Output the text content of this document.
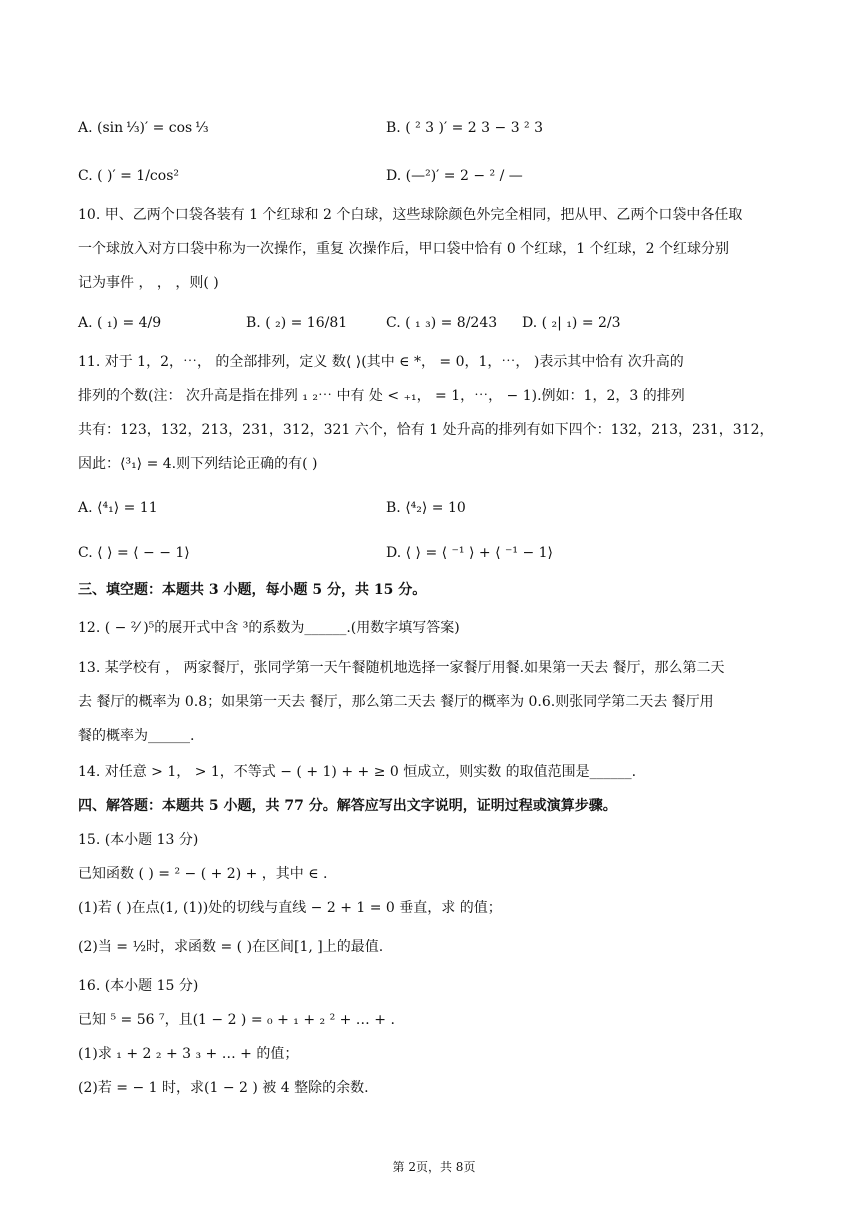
A. (sin ⅓)′ = cos ⅓	B. ( ² 3 )′ = 2 3 − 3 ² 3
C. ( )′ = 1/cos²	D. (—²)′ = 2 − ² / —
10. 甲、乙两个口袋各装有 1 个红球和 2 个白球，这些球除颜色外完全相同，把从甲、乙两个口袋中各任取
一个球放入对方口袋中称为一次操作，重复 次操作后，甲口袋中恰有 0 个红球，1 个红球，2 个红球分别
记为事件 ， ， ，则( )
A. ( ₁) = 4/9	B. ( ₂) = 16/81	C. ( ₁ ₃) = 8/243 D. ( ₂| ₁) = 2/3
11. 对于 1，2，⋯， 的全部排列，定义 数⟨ ⟩(其中 ∈ *， = 0，1，⋯， )表示其中恰有 次升高的
排列的个数(注： 次升高是指在排列 ₁ ₂⋯ 中有 处 < ₊₁， = 1，⋯， − 1).例如：1，2，3 的排列
共有：123，132，213，231，312，321 六个，恰有 1 处升高的排列有如下四个：132，213，231，312，
因此：⟨³₁⟩ = 4.则下列结论正确的有( )
A. ⟨⁴₁⟩ = 11	B. ⟨⁴₂⟩ = 10
C. ⟨ ⟩ = ⟨ − − 1⟩	D. ⟨ ⟩ = ⟨ ⁻¹ ⟩ + ⟨ ⁻¹ − 1⟩
三、填空题：本题共 3 小题，每小题 5 分，共 15 分。
12. ( − ²⁄ )⁵的展开式中含 ³的系数为______.(用数字填写答案)
13. 某学校有 ， 两家餐厅，张同学第一天午餐随机地选择一家餐厅用餐.如果第一天去 餐厅，那么第二天
去 餐厅的概率为 0.8；如果第一天去 餐厅，那么第二天去 餐厅的概率为 0.6.则张同学第二天去 餐厅用
餐的概率为______.
14. 对任意 > 1， > 1，不等式 − ( + 1) + + ≥ 0 恒成立，则实数 的取值范围是______.
四、解答题：本题共 5 小题，共 77 分。解答应写出文字说明，证明过程或演算步骤。
15. (本小题 13 分)
已知函数 ( ) = ² − ( + 2) + ，其中 ∈ .
(1)若 ( )在点(1, (1))处的切线与直线 − 2 + 1 = 0 垂直，求 的值；
(2)当 = ½时，求函数 = ( )在区间[1, ]上的最值.
16. (本小题 15 分)
已知 ⁵ = 56 ⁷，且(1 − 2 ) = ₀ + ₁ + ₂ ² + … + .
(1)求 ₁ + 2 ₂ + 3 ₃ + … + 的值；
(2)若 = − 1 时，求(1 − 2 ) 被 4 整除的余数.
第 2页，共 8页
